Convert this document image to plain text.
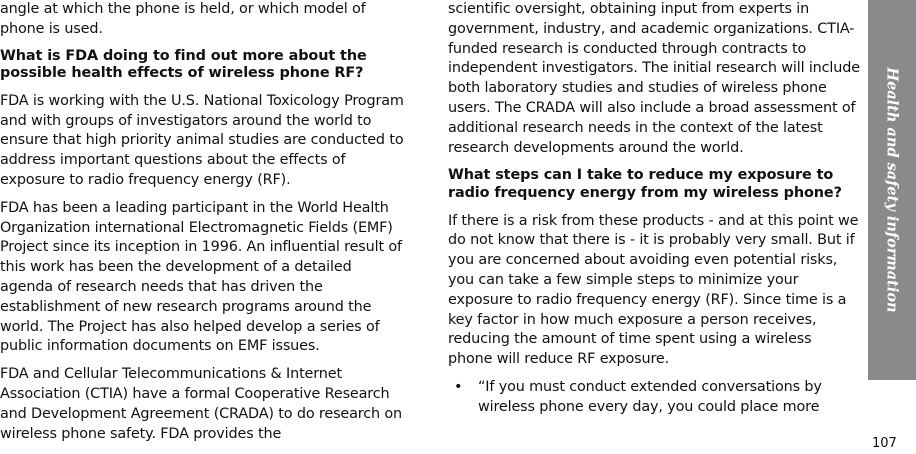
angle at which the phone is held, or which model of phone is used.

What is FDA doing to find out more about the possible health effects of wireless phone RF?

FDA is working with the U.S. National Toxicology Program and with groups of investigators around the world to ensure that high priority animal studies are conducted to address important questions about the effects of exposure to radio frequency energy (RF).

FDA has been a leading participant in the World Health Organization international Electromagnetic Fields (EMF) Project since its inception in 1996. An influential result of this work has been the development of a detailed agenda of research needs that has driven the establishment of new research programs around the world. The Project has also helped develop a series of public information documents on EMF issues.

FDA and Cellular Telecommunications & Internet Association (CTIA) have a formal Cooperative Research and Development Agreement (CRADA) to do research on wireless phone safety. FDA provides the

scientific oversight, obtaining input from experts in government, industry, and academic organizations. CTIA-funded research is conducted through contracts to independent investigators. The initial research will include both laboratory studies and studies of wireless phone users. The CRADA will also include a broad assessment of additional research needs in the context of the latest research developments around the world.

What steps can I take to reduce my exposure to radio frequency energy from my wireless phone?

If there is a risk from these products - and at this point we do not know that there is - it is probably very small. But if you are concerned about avoiding even potential risks, you can take a few simple steps to minimize your exposure to radio frequency energy (RF). Since time is a key factor in how much exposure a person receives, reducing the amount of time spent using a wireless phone will reduce RF exposure.

•	“If you must conduct extended conversations by wireless phone every day, you could place more

Health and safety information
107
